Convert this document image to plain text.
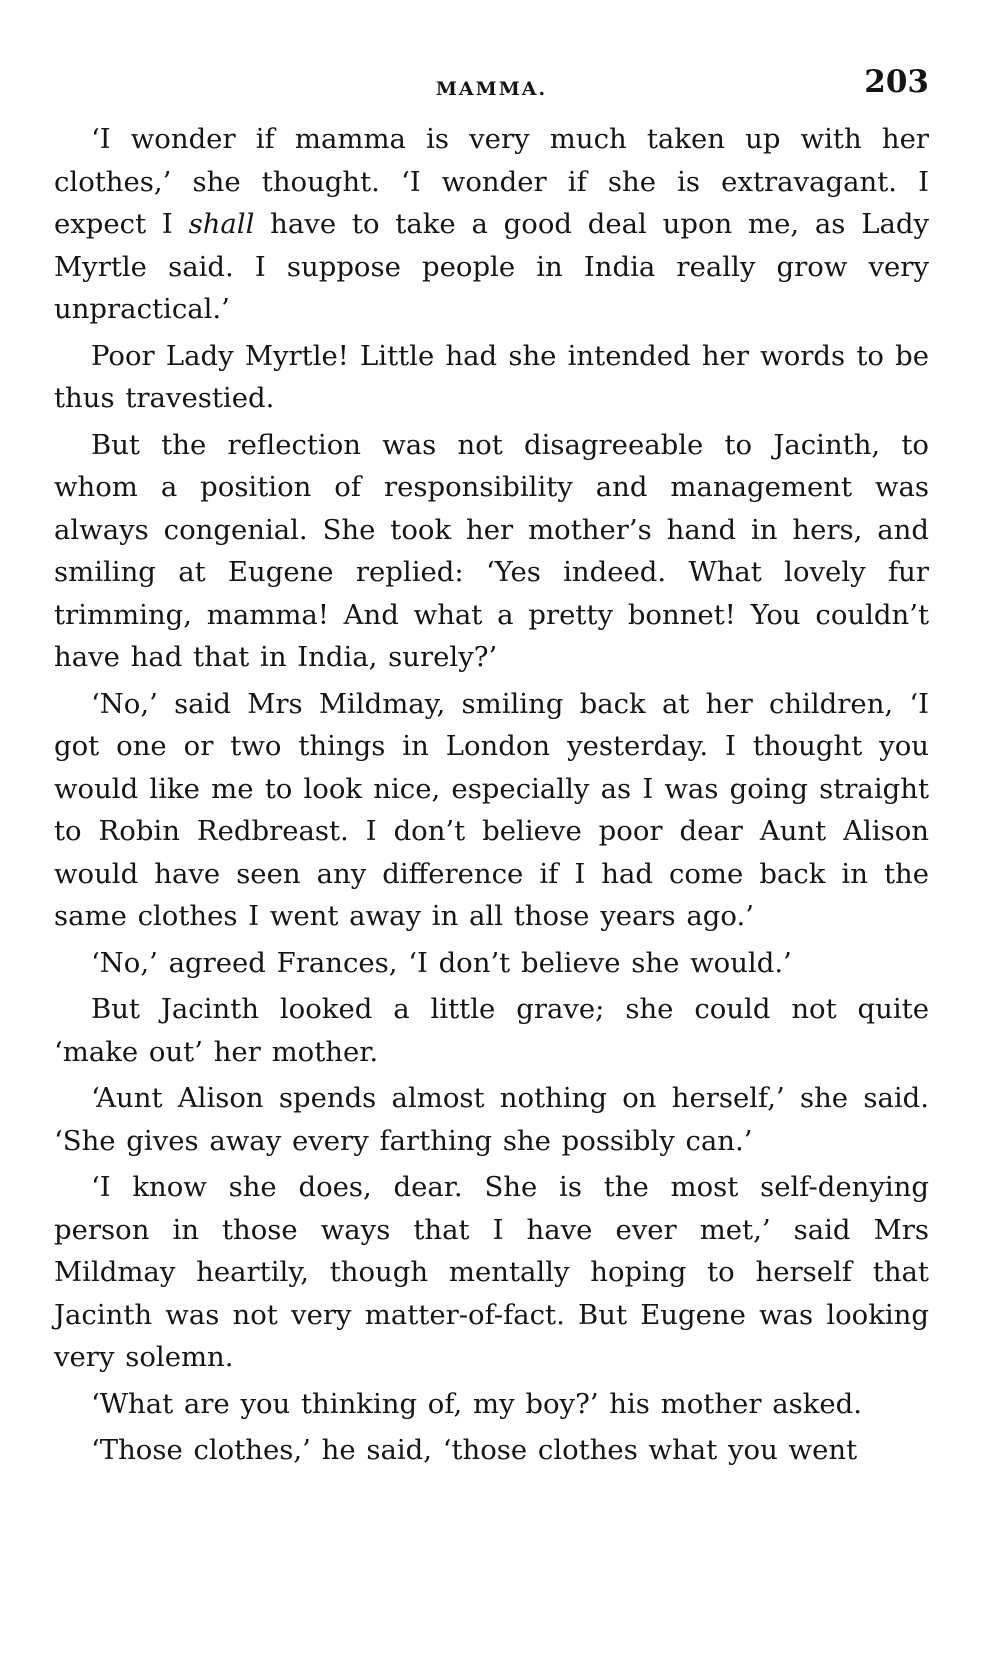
MAMMA.	203

‘I wonder if mamma is very much taken up with her clothes,’ she thought. ‘I wonder if she is extravagant. I expect I shall have to take a good deal upon me, as Lady Myrtle said. I suppose people in India really grow very unpractical.’

Poor Lady Myrtle! Little had she intended her words to be thus travestied.

But the reflection was not disagreeable to Jacinth, to whom a position of responsibility and management was always congenial. She took her mother’s hand in hers, and smiling at Eugene replied: ‘Yes indeed. What lovely fur trimming, mamma! And what a pretty bonnet! You couldn’t have had that in India, surely?’

‘No,’ said Mrs Mildmay, smiling back at her children, ‘I got one or two things in London yesterday. I thought you would like me to look nice, especially as I was going straight to Robin Redbreast. I don’t believe poor dear Aunt Alison would have seen any difference if I had come back in the same clothes I went away in all those years ago.’

‘No,’ agreed Frances, ‘I don’t believe she would.’

But Jacinth looked a little grave; she could not quite ‘make out’ her mother.

‘Aunt Alison spends almost nothing on herself,’ she said. ‘She gives away every farthing she possibly can.’

‘I know she does, dear. She is the most self-denying person in those ways that I have ever met,’ said Mrs Mildmay heartily, though mentally hoping to herself that Jacinth was not very matter-of-fact. But Eugene was looking very solemn.

‘What are you thinking of, my boy?’ his mother asked.

‘Those clothes,’ he said, ‘those clothes what you went
